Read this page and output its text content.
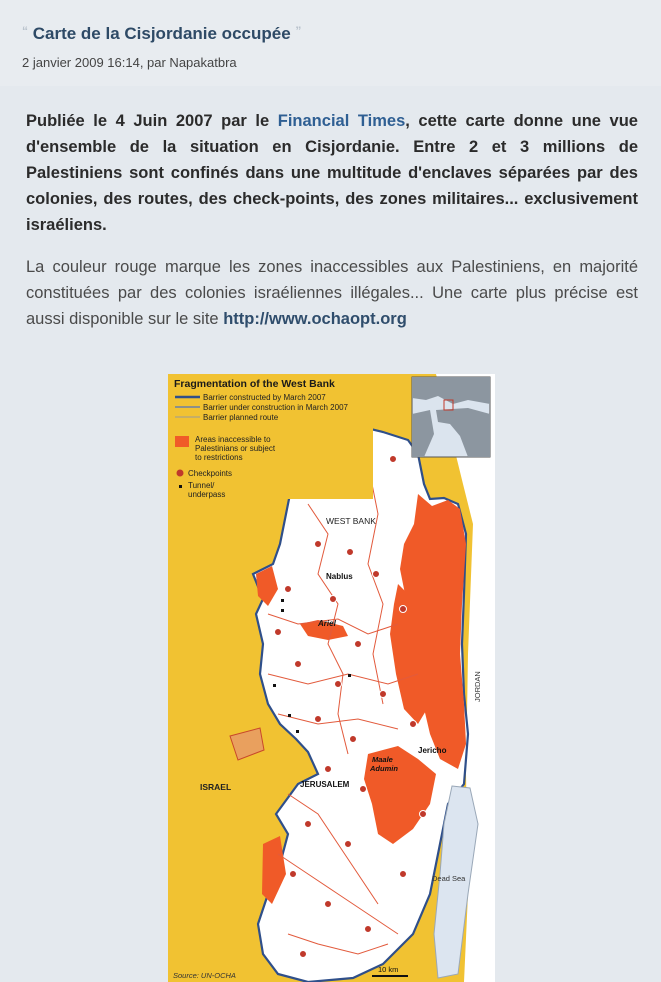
“ Carte de la Cisjordanie occupée ”
2 janvier 2009 16:14, par Napakatbra

Publiée le 4 Juin 2007 par le Financial Times, cette carte donne une vue d'ensemble de la situation en Cisjordanie. Entre 2 et 3 millions de Palestiniens sont confinés dans une multitude d'enclaves séparées par des colonies, des routes, des check-points, des zones militaires... exclusivement israéliens.

La couleur rouge marque les zones inaccessibles aux Palestiniens, en majorité constituées par des colonies israéliennes illégales... Une carte plus précise est aussi disponible sur le site http://www.ochaopt.org

Fragmentation of the West Bank
Barrier constructed by March 2007
Barrier under construction in March 2007
Barrier planned route
Areas inaccessible to
Palestinians or subject
to restrictions
Checkpoints
Tunnel/
underpass
WEST BANK
Nablus
Ariel
JORDAN
Jericho
Maale
Adumin
ISRAEL	JERUSALEM
Dead Sea
10 km
Source: UN-OCHA
